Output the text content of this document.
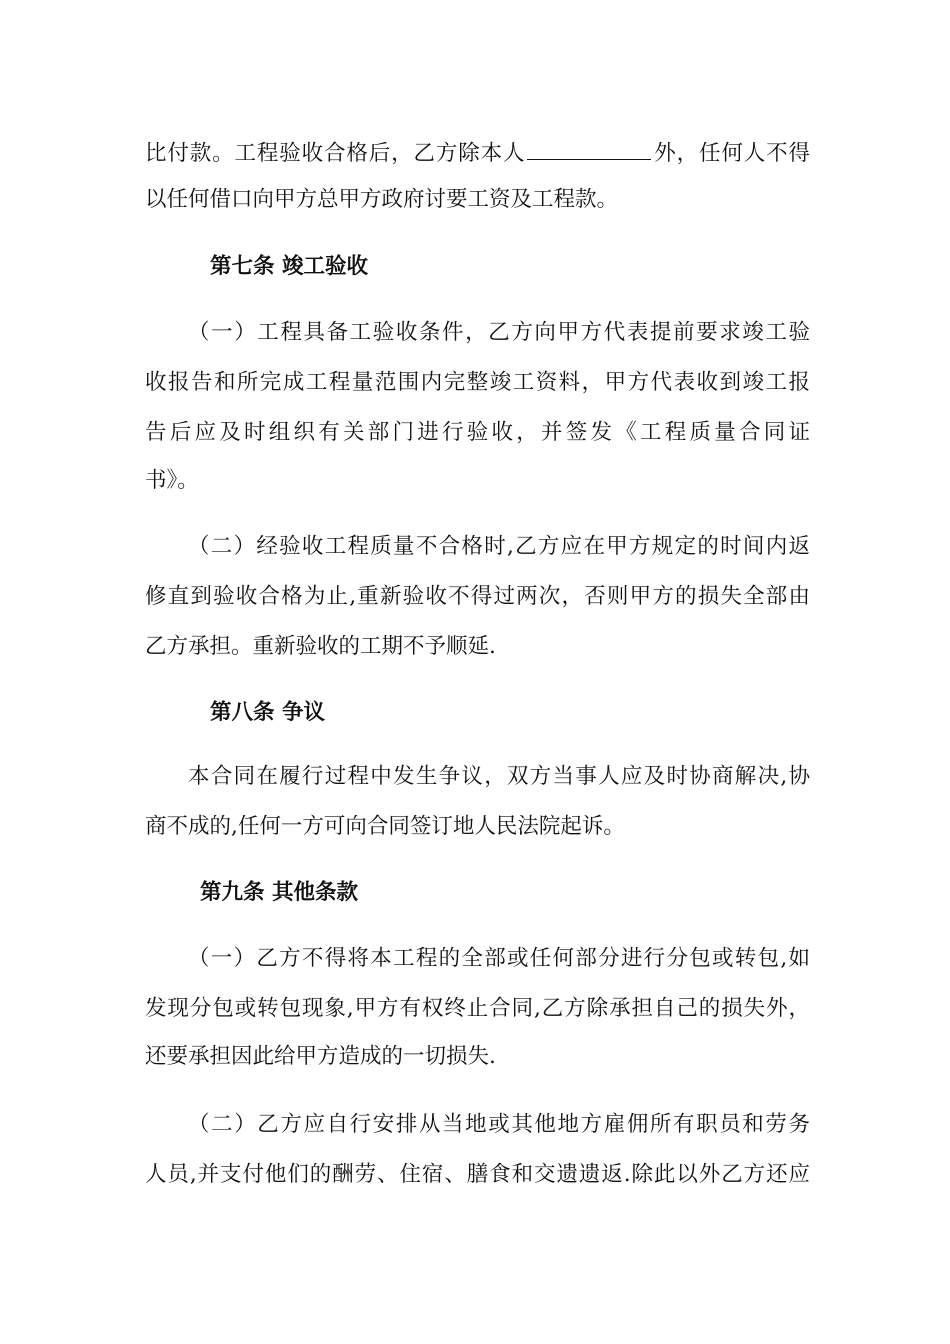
比付款。工程验收合格后，乙方除本人	外，任何人不得
以任何借口向甲方总甲方政府讨要工资及工程款。
第七条 竣工验收
（一）工程具备工验收条件，乙方向甲方代表提前要求竣工验
收报告和所完成工程量范围内完整竣工资料，甲方代表收到竣工报
告后应及时组织有关部门进行验收，并签发《工程质量合同证
书》。
（二）经验收工程质量不合格时,乙方应在甲方规定的时间内返
修直到验收合格为止,重新验收不得过两次，否则甲方的损失全部由
乙方承担。重新验收的工期不予顺延.
第八条 争议
本合同在履行过程中发生争议，双方当事人应及时协商解决,协
商不成的,任何一方可向合同签订地人民法院起诉。
第九条 其他条款
（一）乙方不得将本工程的全部或任何部分进行分包或转包,如
发现分包或转包现象,甲方有权终止合同,乙方除承担自己的损失外，
还要承担因此给甲方造成的一切损失.
（二）乙方应自行安排从当地或其他地方雇佣所有职员和劳务
人员,并支付他们的酬劳、住宿、膳食和交遗遗返.除此以外乙方还应
